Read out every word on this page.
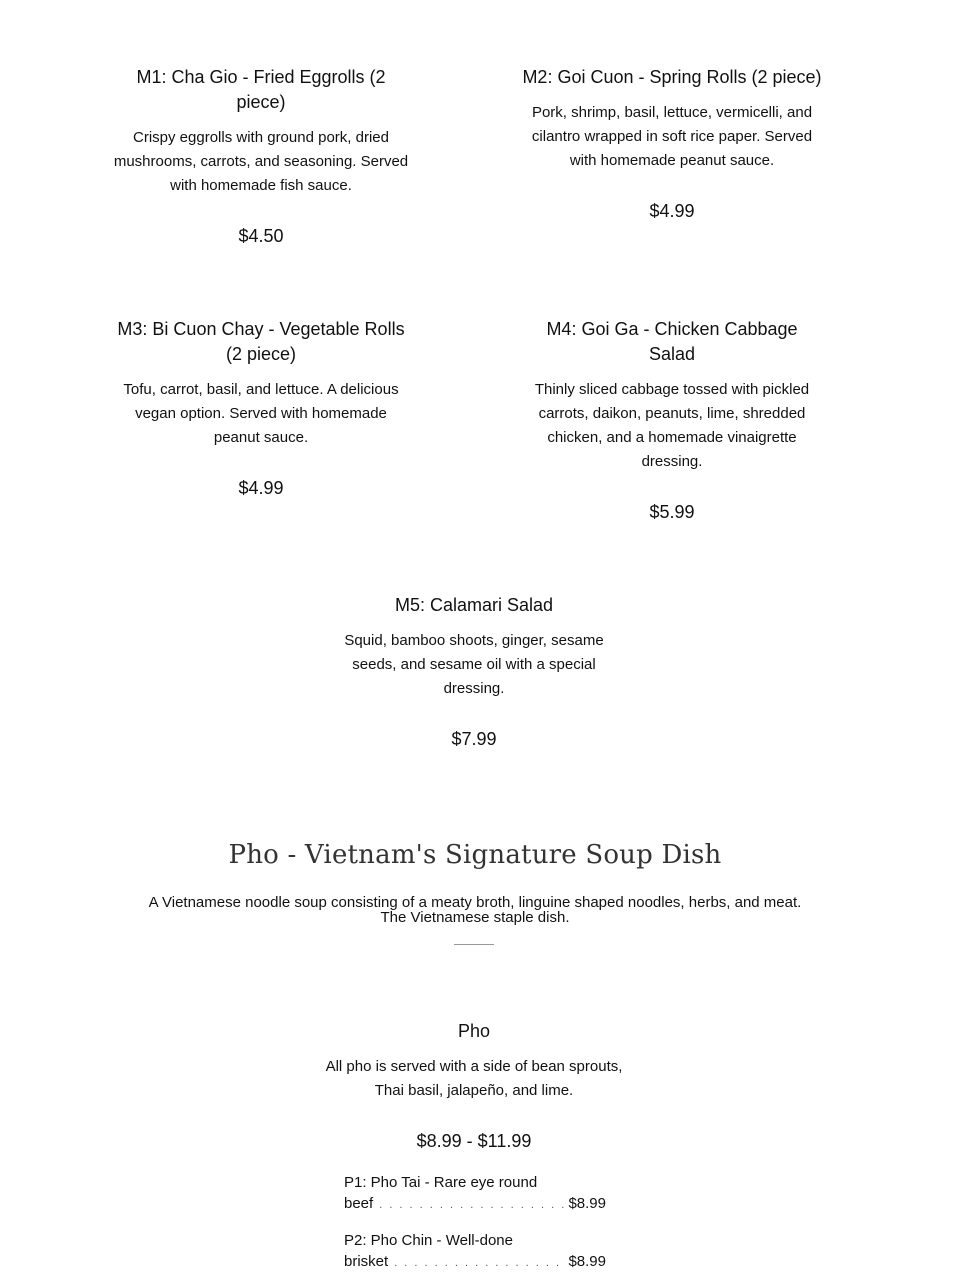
M1: Cha Gio - Fried Eggrolls (2 piece)

Crispy eggrolls with ground pork, dried mushrooms, carrots, and seasoning. Served with homemade fish sauce.

$4.50

M2: Goi Cuon - Spring Rolls (2 piece)

Pork, shrimp, basil, lettuce, vermicelli, and cilantro wrapped in soft rice paper. Served with homemade peanut sauce.

$4.99

M3: Bi Cuon Chay - Vegetable Rolls (2 piece)

Tofu, carrot, basil, and lettuce. A delicious vegan option. Served with homemade peanut sauce.

$4.99

M4: Goi Ga - Chicken Cabbage Salad

Thinly sliced cabbage tossed with pickled carrots, daikon, peanuts, lime, shredded chicken, and a homemade vinaigrette dressing.

$5.99

M5: Calamari Salad

Squid, bamboo shoots, ginger, sesame seeds, and sesame oil with a special dressing.

$7.99

Pho - Vietnam's Signature Soup Dish

A Vietnamese noodle soup consisting of a meaty broth, linguine shaped noodles, herbs, and meat. The Vietnamese staple dish.

Pho

All pho is served with a side of bean sprouts, Thai basil, jalapeño, and lime.

$8.99 - $11.99

P1: Pho Tai - Rare eye round
beef . . .	$8.99
P2: Pho Chin - Well-done
brisket . . .	$8.99
